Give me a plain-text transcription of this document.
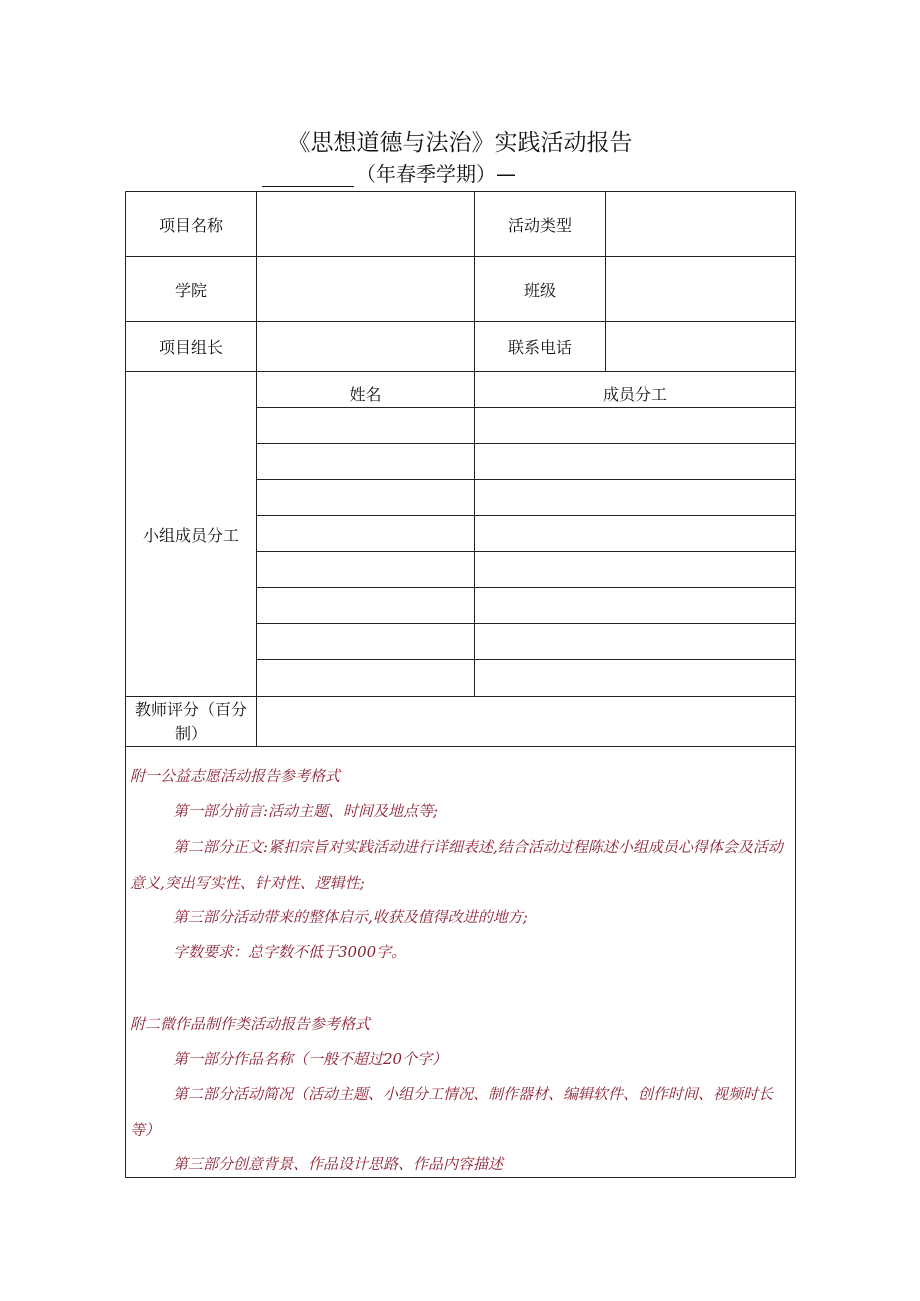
《思想道德与法治》实践活动报告
（年春季学期）—
项目名称	活动类型
学院	班级
项目组长	联系电话
小组成员分工
姓名	成员分工
教师评分（百分制）

附一公益志愿活动报告参考格式

第一部分前言:活动主题、时间及地点等;

第二部分正文:紧扣宗旨对实践活动进行详细表述,结合活动过程陈述小组成员心得体会及活动意义,突出写实性、针对性、逻辑性;

第三部分活动带来的整体启示,收获及值得改进的地方;

字数要求：总字数不低于3000字。

附二微作品制作类活动报告参考格式

第一部分作品名称（一般不超过20个字）

第二部分活动简况（活动主题、小组分工情况、制作器材、编辑软件、创作时间、视频时长等）

第三部分创意背景、作品设计思路、作品内容描述
